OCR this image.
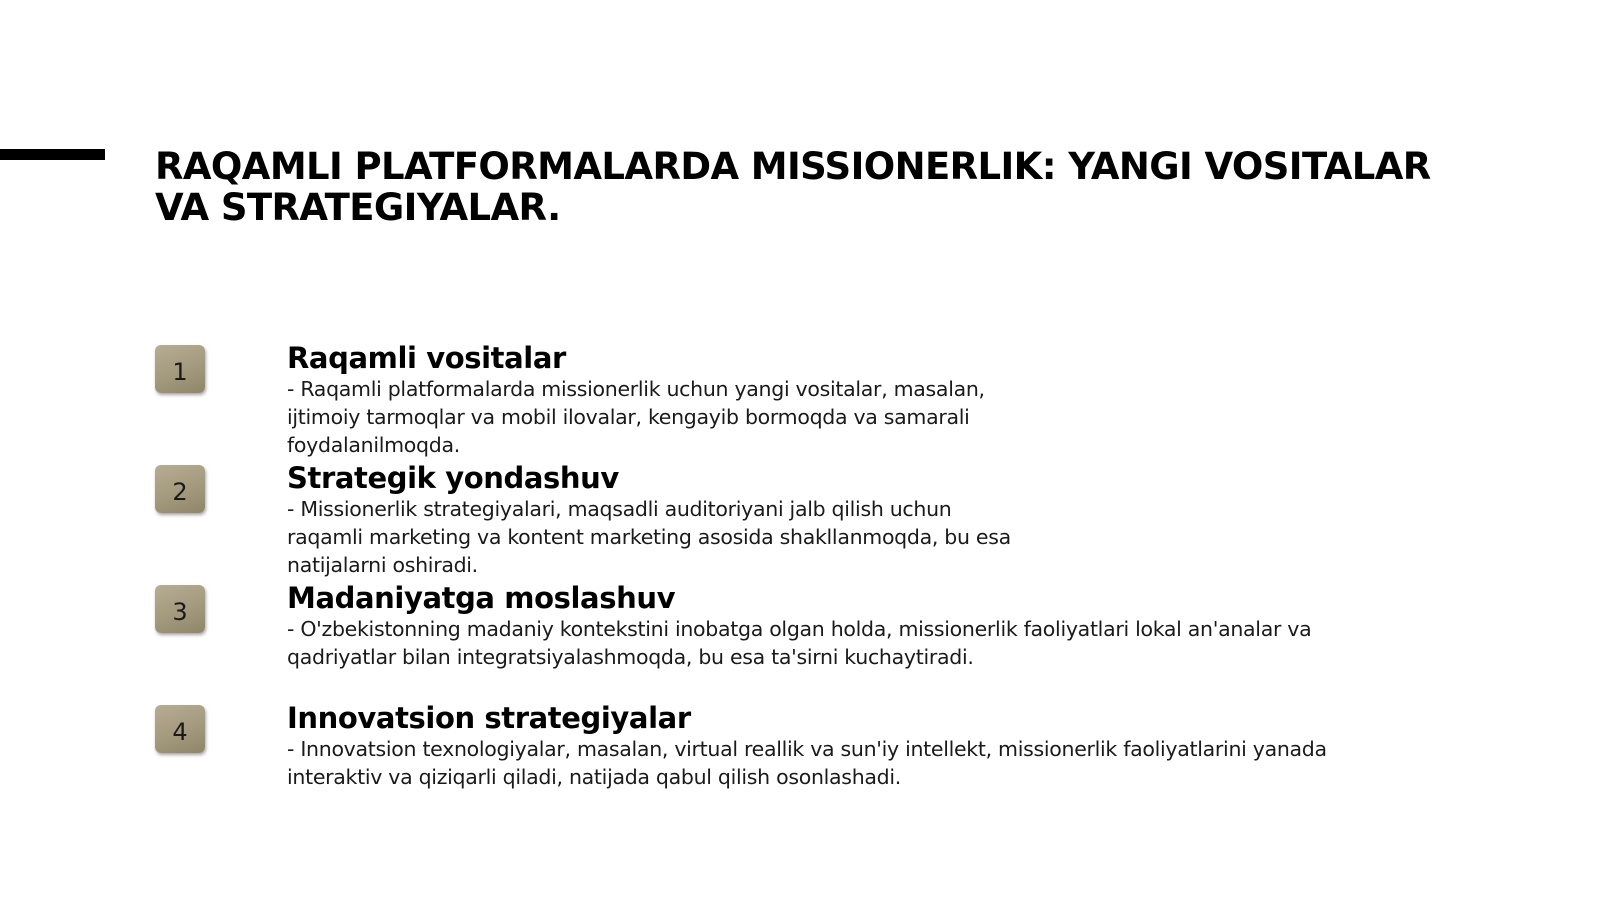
RAQAMLI PLATFORMALARDA MISSIONERLIK: YANGI VOSITALAR
VA STRATEGIYALAR.
1	Raqamli vositalar

- Raqamli platformalarda missionerlik uchun yangi vositalar, masalan,
ijtimoiy tarmoqlar va mobil ilovalar, kengayib bormoqda va samarali
foydalanilmoqda.

2	Strategik yondashuv

- Missionerlik strategiyalari, maqsadli auditoriyani jalb qilish uchun
raqamli marketing va kontent marketing asosida shakllanmoqda, bu esa
natijalarni oshiradi.

3	Madaniyatga moslashuv

- O'zbekistonning madaniy kontekstini inobatga olgan holda, missionerlik faoliyatlari lokal an'analar va
qadriyatlar bilan integratsiyalashmoqda, bu esa ta'sirni kuchaytiradi.

4	Innovatsion strategiyalar

- Innovatsion texnologiyalar, masalan, virtual reallik va sun'iy intellekt, missionerlik faoliyatlarini yanada
interaktiv va qiziqarli qiladi, natijada qabul qilish osonlashadi.
